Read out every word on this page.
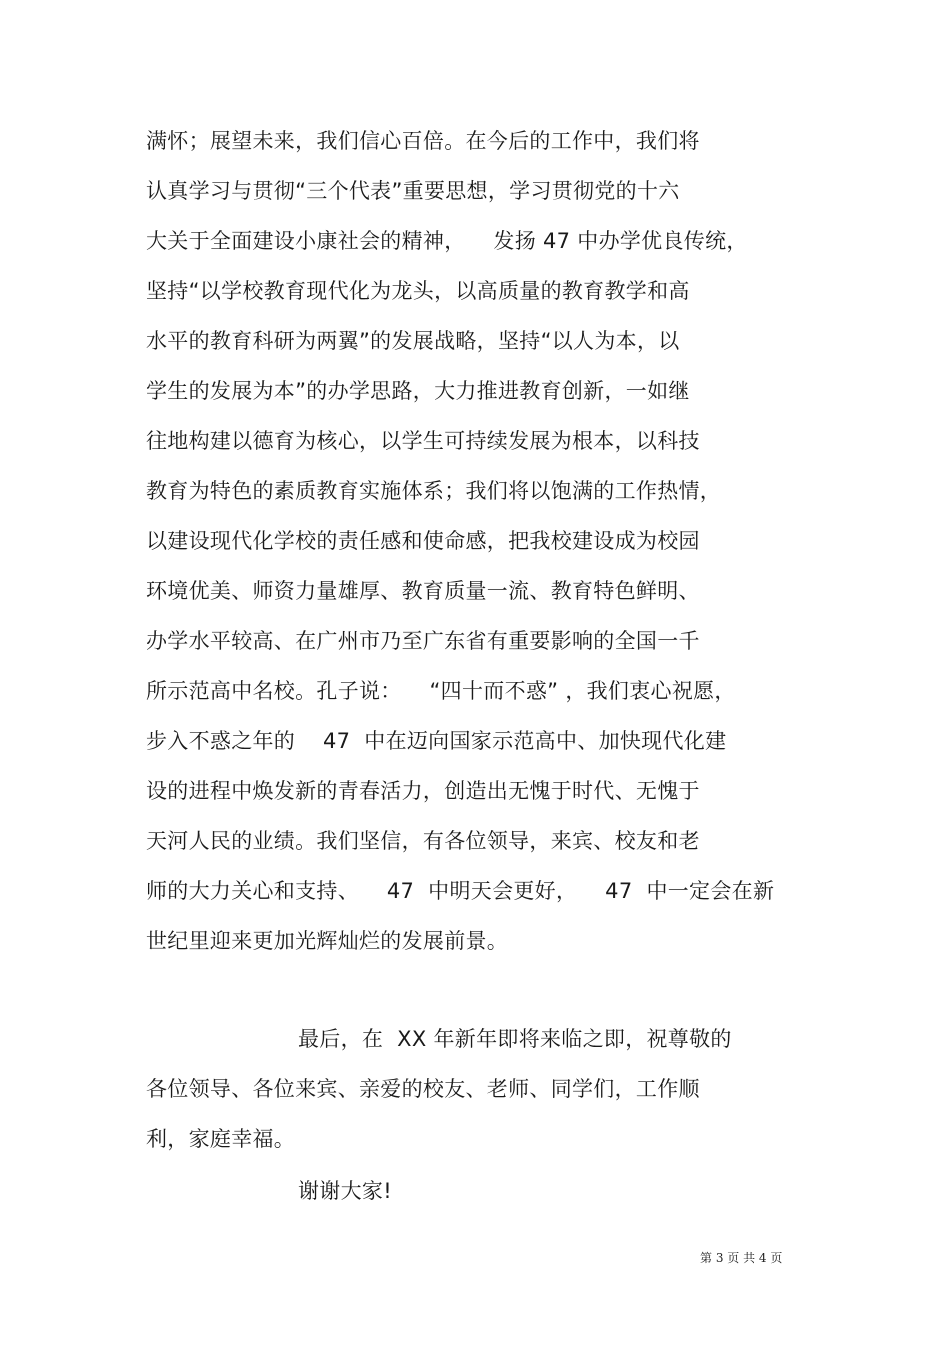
满怀；展望未来，我们信心百倍。在今后的工作中，我们将
认真学习与贯彻“三个代表”重要思想，学习贯彻党的十六
大关于全面建设小康社会的精神，    发扬 47 中办学优良传统，
坚持“以学校教育现代化为龙头，以高质量的教育教学和高
水平的教育科研为两翼”的发展战略，坚持“以人为本，以
学生的发展为本”的办学思路，大力推进教育创新，一如继
往地构建以德育为核心，以学生可持续发展为根本，以科技
教育为特色的素质教育实施体系；我们将以饱满的工作热情，
以建设现代化学校的责任感和使命感，把我校建设成为校园
环境优美、师资力量雄厚、教育质量一流、教育特色鲜明、
办学水平较高、在广州市乃至广东省有重要影响的全国一千
所示范高中名校。孔子说：    “四十而不惑” ，我们衷心祝愿，
步入不惑之年的    47  中在迈向国家示范高中、加快现代化建
设的进程中焕发新的青春活力，创造出无愧于时代、无愧于
天河人民的业绩。我们坚信，有各位领导，来宾、校友和老
师的大力关心和支持、    47  中明天会更好，    47  中一定会在新
世纪里迎来更加光辉灿烂的发展前景。
最后，在  XX 年新年即将来临之即，祝尊敬的
各位领导、各位来宾、亲爱的校友、老师、同学们，工作顺
利，家庭幸福。
谢谢大家!
第 3 页 共 4 页
